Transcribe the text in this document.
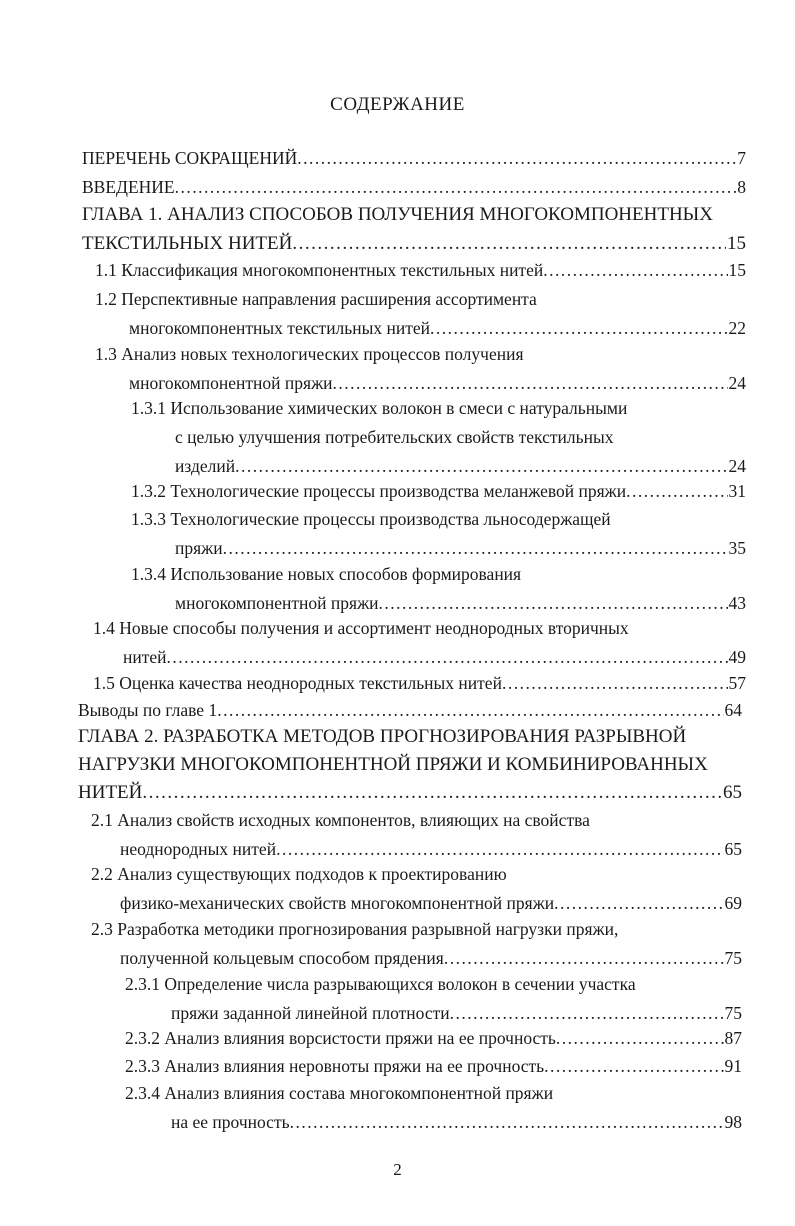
СОДЕРЖАНИЕ
ПЕРЕЧЕНЬ СОКРАЩЕНИЙ .....	7
ВВЕДЕНИЕ .....	8
ГЛАВА 1. АНАЛИЗ СПОСОБОВ ПОЛУЧЕНИЯ МНОГОКОМПОНЕНТНЫХ
ТЕКСТИЛЬНЫХ НИТЕЙ .....	15
1.1 Классификация многокомпонентных текстильных нитей .....	15
1.2 Перспективные направления расширения ассортимента
многокомпонентных текстильных нитей .....	22
1.3 Анализ новых технологических процессов получения
многокомпонентной пряжи .....	24
1.3.1 Использование химических волокон в смеси с натуральными
с целью улучшения потребительских свойств текстильных
изделий .....	24
1.3.2 Технологические процессы производства меланжевой пряжи .....	31
1.3.3 Технологические процессы производства льносодержащей
пряжи .....	35
1.3.4 Использование новых способов формирования
многокомпонентной пряжи .....	43
1.4 Новые способы получения и ассортимент неоднородных вторичных
нитей .....	49
1.5 Оценка качества неоднородных текстильных нитей .....	57
Выводы по главе 1 .....	64
ГЛАВА 2. РАЗРАБОТКА МЕТОДОВ ПРОГНОЗИРОВАНИЯ РАЗРЫВНОЙ
НАГРУЗКИ МНОГОКОМПОНЕНТНОЙ ПРЯЖИ И КОМБИНИРОВАННЫХ
НИТЕЙ .....	65
2.1 Анализ свойств исходных компонентов, влияющих на свойства
неоднородных нитей .....	65
2.2 Анализ существующих подходов к проектированию
физико-механических свойств многокомпонентной пряжи .....	69
2.3 Разработка методики прогнозирования разрывной нагрузки пряжи,
полученной кольцевым способом прядения .....	75
2.3.1 Определение числа разрывающихся волокон в сечении участка
пряжи заданной линейной плотности .....	75
2.3.2 Анализ влияния ворсистости пряжи на ее прочность .....	87
2.3.3 Анализ влияния неровноты пряжи на ее прочность .....	91
2.3.4 Анализ влияния состава многокомпонентной пряжи
на ее прочность .....	98
2
